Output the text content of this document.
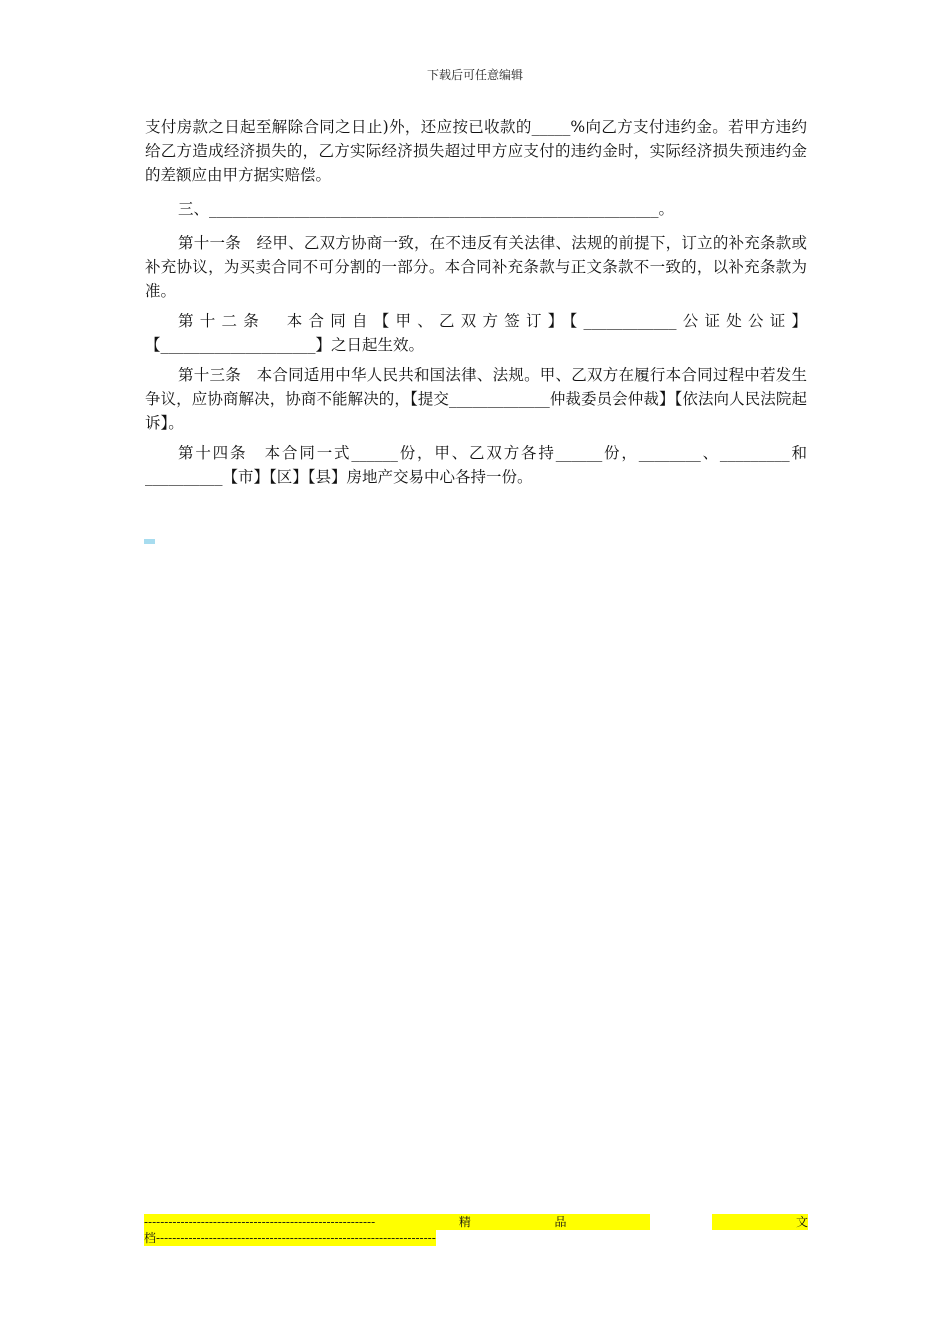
下载后可任意编辑

支付房款之日起至解除合同之日止)外，还应按已收款的_____%向乙方支付违约金。若甲方违约给乙方造成经济损失的，乙方实际经济损失超过甲方应支付的违约金时，实际经济损失预违约金的差额应由甲方据实赔偿。

三、__________________________________________________________。

第十一条　经甲、乙双方协商一致，在不违反有关法律、法规的前提下，订立的补充条款或补充协议，为买卖合同不可分割的一部分。本合同补充条款与正文条款不一致的，以补充条款为准。

第十二条　本合同自【甲、乙双方签订】【____________公证处公证】【____________________】之日起生效。

第十三条　本合同适用中华人民共和国法律、法规。甲、乙双方在履行本合同过程中若发生争议，应协商解决，协商不能解决的，【提交_____________仲裁委员会仲裁】【依法向人民法院起诉】。

第十四条　本合同一式______份，甲、乙双方各持______份，________、_________和__________【市】【区】【县】房地产交易中心各持一份。

---------------------------------------------------------	精	品	文
档---------------------------------------------------------------------
